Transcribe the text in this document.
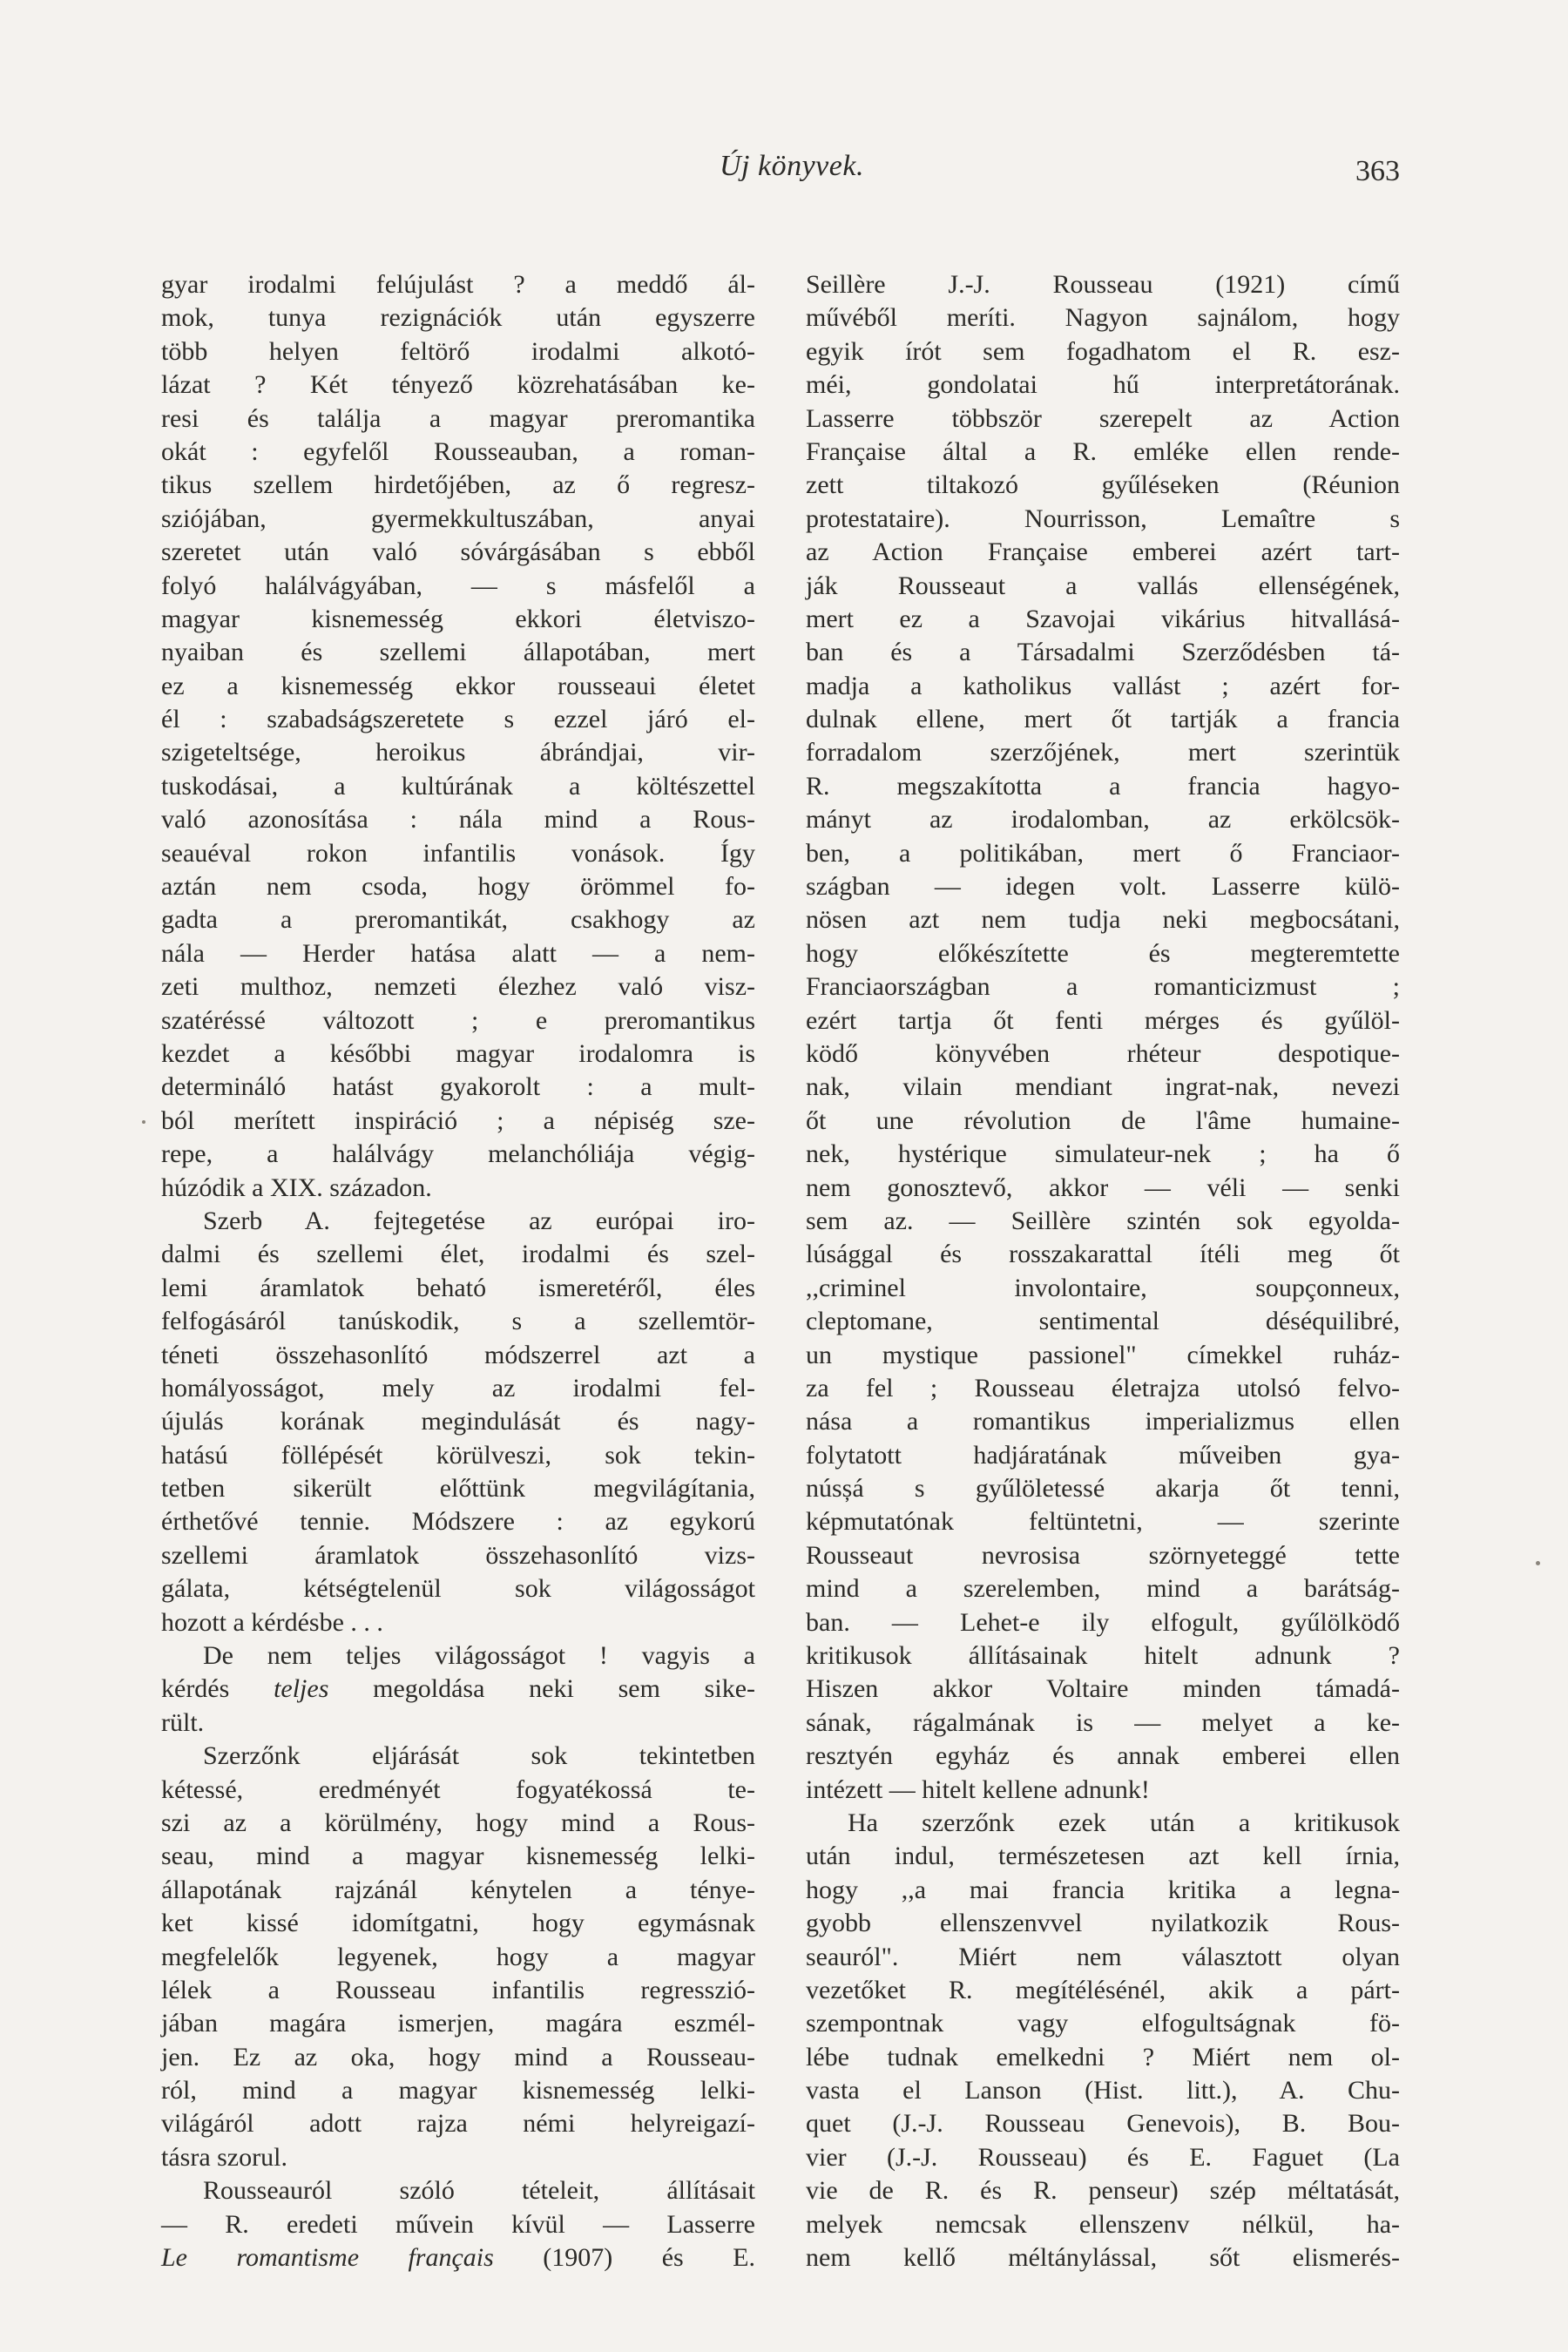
Új könyvek.	363
gyar irodalmi felújulást ? a meddő ál-
mok, tunya rezignációk után egyszerre
több helyen feltörő irodalmi alkotó-
lázat ? Két tényező közrehatásában ke-
resi és találja a magyar preromantika
okát : egyfelől Rousseauban, a roman-
tikus szellem hirdetőjében, az ő regresz-
sziójában, gyermekkultuszában, anyai
szeretet után való sóvárgásában s ebből
folyó halálvágyában, — s másfelől a
magyar kisnemesség ekkori életviszo-
nyaiban és szellemi állapotában, mert
ez a kisnemesség ekkor rousseaui életet
él : szabadságszeretete s ezzel járó el-
szigeteltsége, heroikus ábrándjai, vir-
tuskodásai, a kultúrának a költészettel
való azonosítása : nála mind a Rous-
seauéval rokon infantilis vonások. Így
aztán nem csoda, hogy örömmel fo-
gadta a preromantikát, csakhogy az
nála — Herder hatása alatt — a nem-
zeti multhoz, nemzeti élezhez való visz-
szatéréssé változott ; e preromantikus
kezdet a későbbi magyar irodalomra is
determináló hatást gyakorolt : a mult-
ból merített inspiráció ; a népiség sze-
repe, a halálvágy melanchóliája végig-
húzódik a XIX. századon.
Szerb A. fejtegetése az európai iro-
dalmi és szellemi élet, irodalmi és szel-
lemi áramlatok beható ismeretéről, éles
felfogásáról tanúskodik, s a szellemtör-
téneti összehasonlító módszerrel azt a
homályosságot, mely az irodalmi fel-
újulás korának megindulását és nagy-
hatású föllépését körülveszi, sok tekin-
tetben sikerült előttünk megvilágítania,
érthetővé tennie. Módszere : az egykorú
szellemi áramlatok összehasonlító vizs-
gálata, kétségtelenül sok világosságot
hozott a kérdésbe . . .
De nem teljes világosságot ! vagyis a
kérdés teljes megoldása neki sem sike-
rült.
Szerzőnk eljárását sok tekintetben
kétessé, eredményét fogyatékossá te-
szi az a körülmény, hogy mind a Rous-
seau, mind a magyar kisnemesség lelki-
állapotának rajzánál kénytelen a ténye-
ket kissé idomítgatni, hogy egymásnak
megfelelők legyenek, hogy a magyar
lélek a Rousseau infantilis regresszió-
jában magára ismerjen, magára eszmél-
jen. Ez az oka, hogy mind a Rousseau-
ról, mind a magyar kisnemesség lelki-
világáról adott rajza némi helyreigazí-
tásra szorul.
Rousseauról szóló tételeit, állításait
— R. eredeti művein kívül — Lasserre
Le romantisme français (1907) és E.
Seillère J.-J. Rousseau (1921) című
művéből meríti. Nagyon sajnálom, hogy
egyik írót sem fogadhatom el R. esz-
méi, gondolatai hű interpretátorának.
Lasserre többször szerepelt az Action
Française által a R. emléke ellen rende-
zett tiltakozó gyűléseken (Réunion
protestataire). Nourrisson, Lemaître s
az Action Française emberei azért tart-
ják Rousseaut a vallás ellenségének,
mert ez a Szavojai vikárius hitvallásá-
ban és a Társadalmi Szerződésben tá-
madja a katholikus vallást ; azért for-
dulnak ellene, mert őt tartják a francia
forradalom szerzőjének, mert szerintük
R. megszakította a francia hagyo-
mányt az irodalomban, az erkölcsök-
ben, a politikában, mert ő Franciaor-
szágban — idegen volt. Lasserre külö-
nösen azt nem tudja neki megbocsátani,
hogy előkészítette és megteremtette
Franciaországban a romanticizmust ;
ezért tartja őt fenti mérges és gyűlöl-
ködő könyvében rhéteur despotique-
nak, vilain mendiant ingrat-nak, nevezi
őt une révolution de l'âme humaine-
nek, hystérique simulateur-nek ; ha ő
nem gonosztevő, akkor — véli — senki
sem az. — Seillère szintén sok egyolda-
lúsággal és rosszakarattal ítéli meg őt
,,criminel involontaire, soupçonneux,
cleptomane, sentimental déséquilibré,
un mystique passionel" címekkel ruház-
za fel ; Rousseau életrajza utolsó felvo-
nása a romantikus imperializmus ellen
folytatott hadjáratának műveiben gya-
núsșá s gyűlöletessé akarja őt tenni,
képmutatónak feltüntetni, — szerinte
Rousseaut nevrosisa szörnyeteggé tette
mind a szerelemben, mind a barátság-
ban. — Lehet-e ily elfogult, gyűlölködő
kritikusok állításainak hitelt adnunk ?
Hiszen akkor Voltaire minden támadá-
sának, rágalmának is — melyet a ke-
resztyén egyház és annak emberei ellen
intézett — hitelt kellene adnunk!
Ha szerzőnk ezek után a kritikusok
után indul, természetesen azt kell írnia,
hogy ,,a mai francia kritika a legna-
gyobb ellenszenvvel nyilatkozik Rous-
seauról". Miért nem választott olyan
vezetőket R. megítélésénél, akik a párt-
szempontnak vagy elfogultságnak fö-
lébe tudnak emelkedni ? Miért nem ol-
vasta el Lanson (Hist. litt.), A. Chu-
quet (J.-J. Rousseau Genevois), B. Bou-
vier (J.-J. Rousseau) és E. Faguet (La
vie de R. és R. penseur) szép méltatását,
melyek nemcsak ellenszenv nélkül, ha-
nem kellő méltánylással, sőt elismerés-
